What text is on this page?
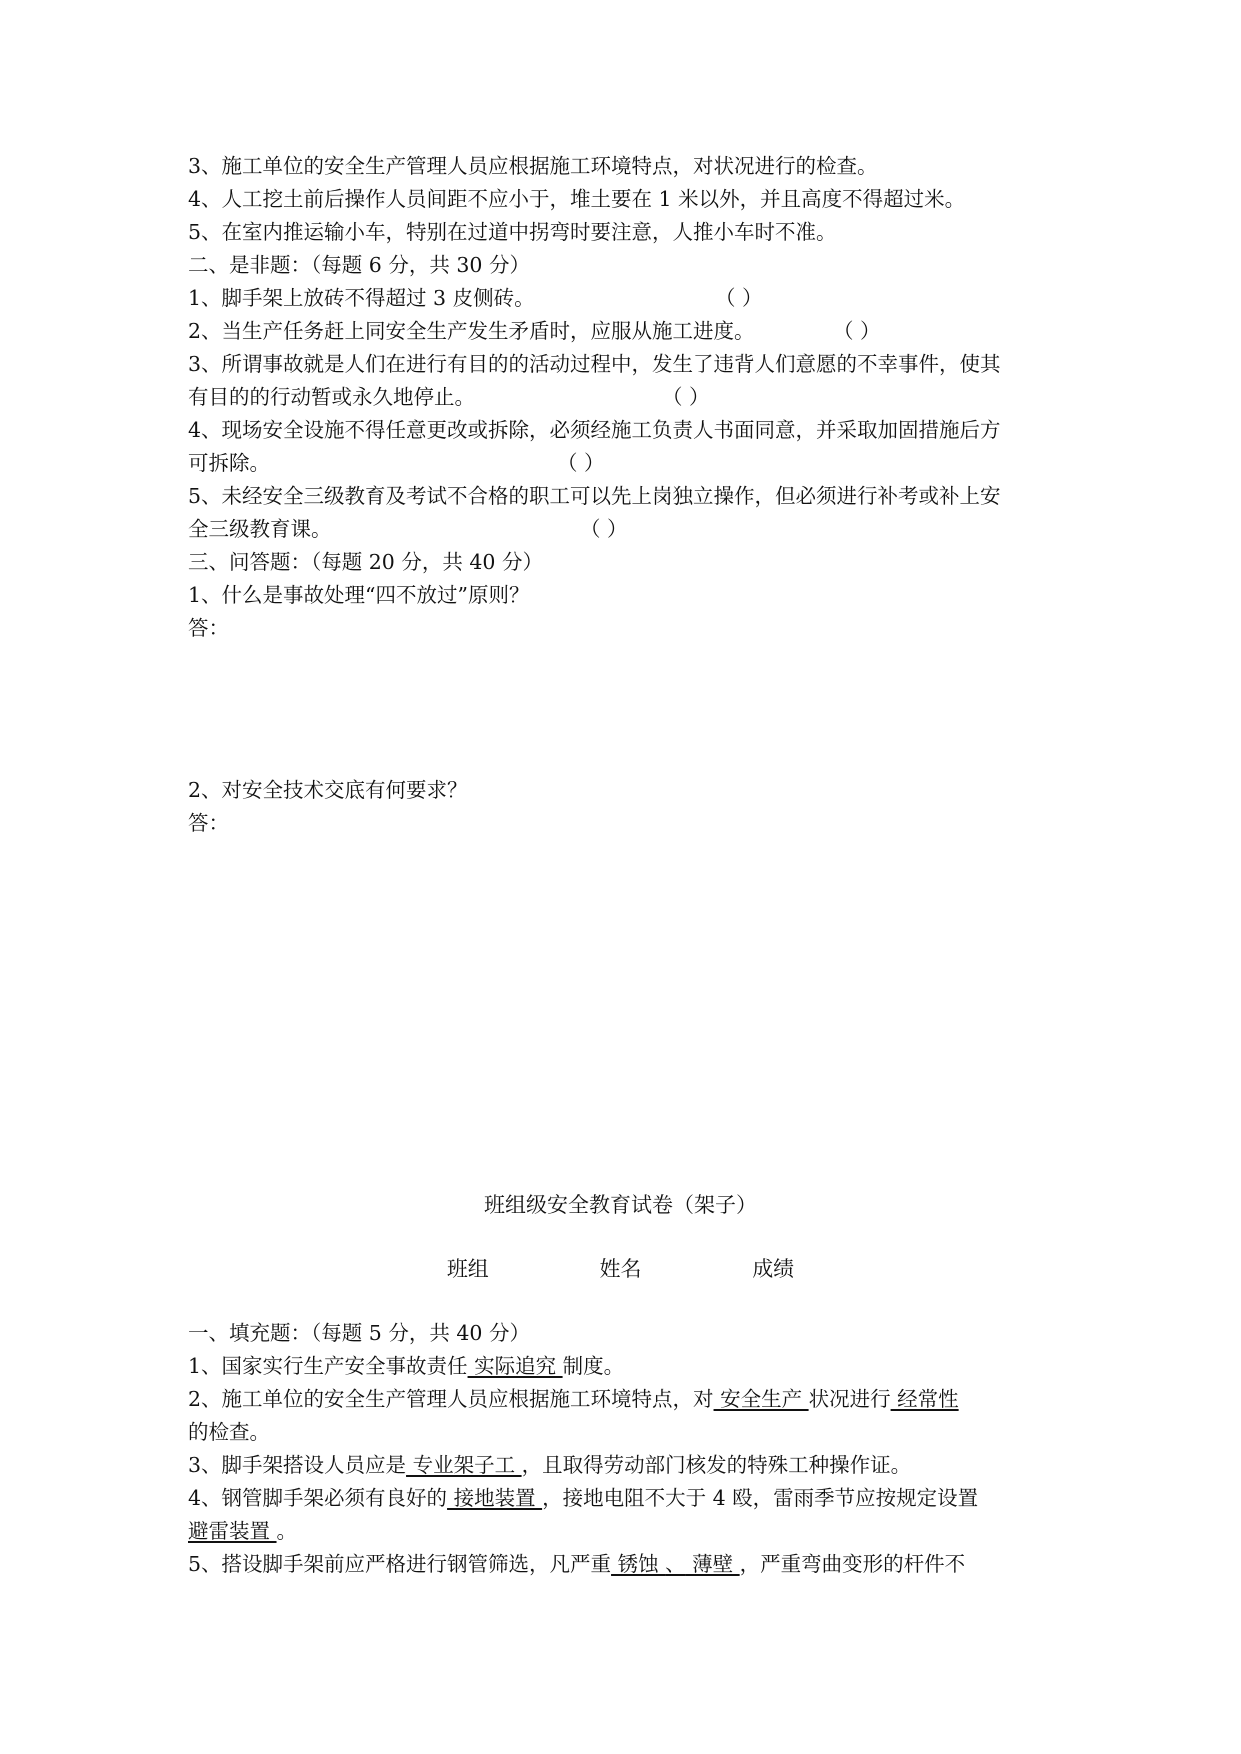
3、施工单位的安全生产管理人员应根据施工环境特点，对状况进行的检查。
4、人工挖土前后操作人员间距不应小于，堆土要在 1 米以外，并且高度不得超过米。
5、在室内推运输小车，特别在过道中拐弯时要注意，人推小车时不准。
二、是非题：（每题 6 分，共 30 分）
1、脚手架上放砖不得超过 3 皮侧砖。	（ ）
2、当生产任务赶上同安全生产发生矛盾时，应服从施工进度。	（ ）
3、所谓事故就是人们在进行有目的的活动过程中，发生了违背人们意愿的不幸事件，使其
有目的的行动暂或永久地停止。	（ ）
4、现场安全设施不得任意更改或拆除，必须经施工负责人书面同意，并采取加固措施后方
可拆除。	（ ）
5、未经安全三级教育及考试不合格的职工可以先上岗独立操作，但必须进行补考或补上安
全三级教育课。	（ ）
三、问答题：（每题 20 分，共 40 分）
1、什么是事故处理“四不放过”原则？
答：
2、对安全技术交底有何要求？
答：
班组级安全教育试卷（架子）
班组	姓名	成绩
一、填充题：（每题 5 分，共 40 分）
1、国家实行生产安全事故责任 实际追究 制度。
2、施工单位的安全生产管理人员应根据施工环境特点，对 安全生产 状况进行 经常性
的检查。
3、脚手架搭设人员应是 专业架子工 ，且取得劳动部门核发的特殊工种操作证。
4、钢管脚手架必须有良好的 接地装置 ，接地电阻不大于 4 殴，雷雨季节应按规定设置
避雷装置 。
5、搭设脚手架前应严格进行钢管筛选，凡严重 锈蚀 、 薄壁 ，严重弯曲变形的杆件不
